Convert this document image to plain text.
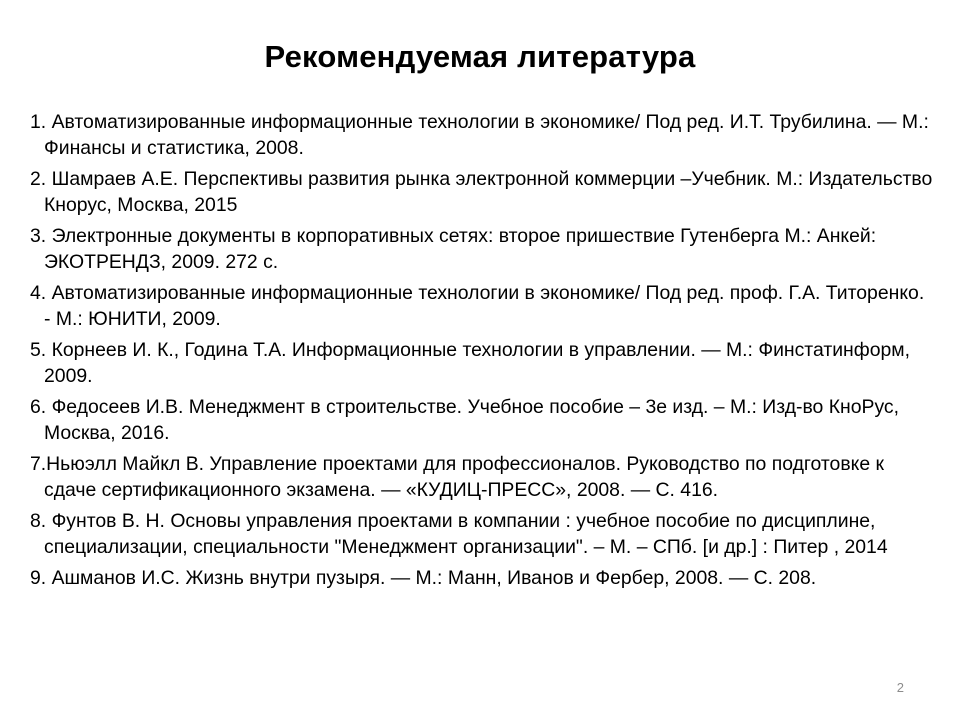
Рекомендуемая литература
1. Автоматизированные информационные технологии в экономике/ Под ред. И.Т. Трубилина. — М.: Финансы и статистика, 2008.
2. Шамраев А.Е. Перспективы развития рынка электронной коммерции –Учебник. М.: Издательство Кнорус, Москва, 2015
3. Электронные документы в корпоративных сетях: второе пришествие Гутенберга М.: Анкей: ЭКОТРЕНДЗ, 2009. 272 с.
4. Автоматизированные информационные технологии в экономике/ Под ред. проф. Г.А. Титоренко. - М.: ЮНИТИ, 2009.
5. Корнеев И. К., Година Т.А. Информационные технологии в управлении. — М.: Финстатинформ, 2009.
6. Федосеев И.В. Менеджмент в строительстве. Учебное пособие – 3е изд. – М.: Изд-во КноРус, Москва, 2016.
7.Ньюэлл Майкл В. Управление проектами для профессионалов. Руководство по подготовке к сдаче сертификационного экзамена. — «КУДИЦ-ПРЕСС», 2008. — С. 416.
8. Фунтов В. Н. Основы управления проектами в компании : учебное пособие по дисциплине, специализации, специальности "Менеджмент организации". – М. – СПб. [и др.] : Питер , 2014
9. Ашманов И.С. Жизнь внутри пузыря. — М.: Манн, Иванов и Фербер, 2008. — С. 208.
2
